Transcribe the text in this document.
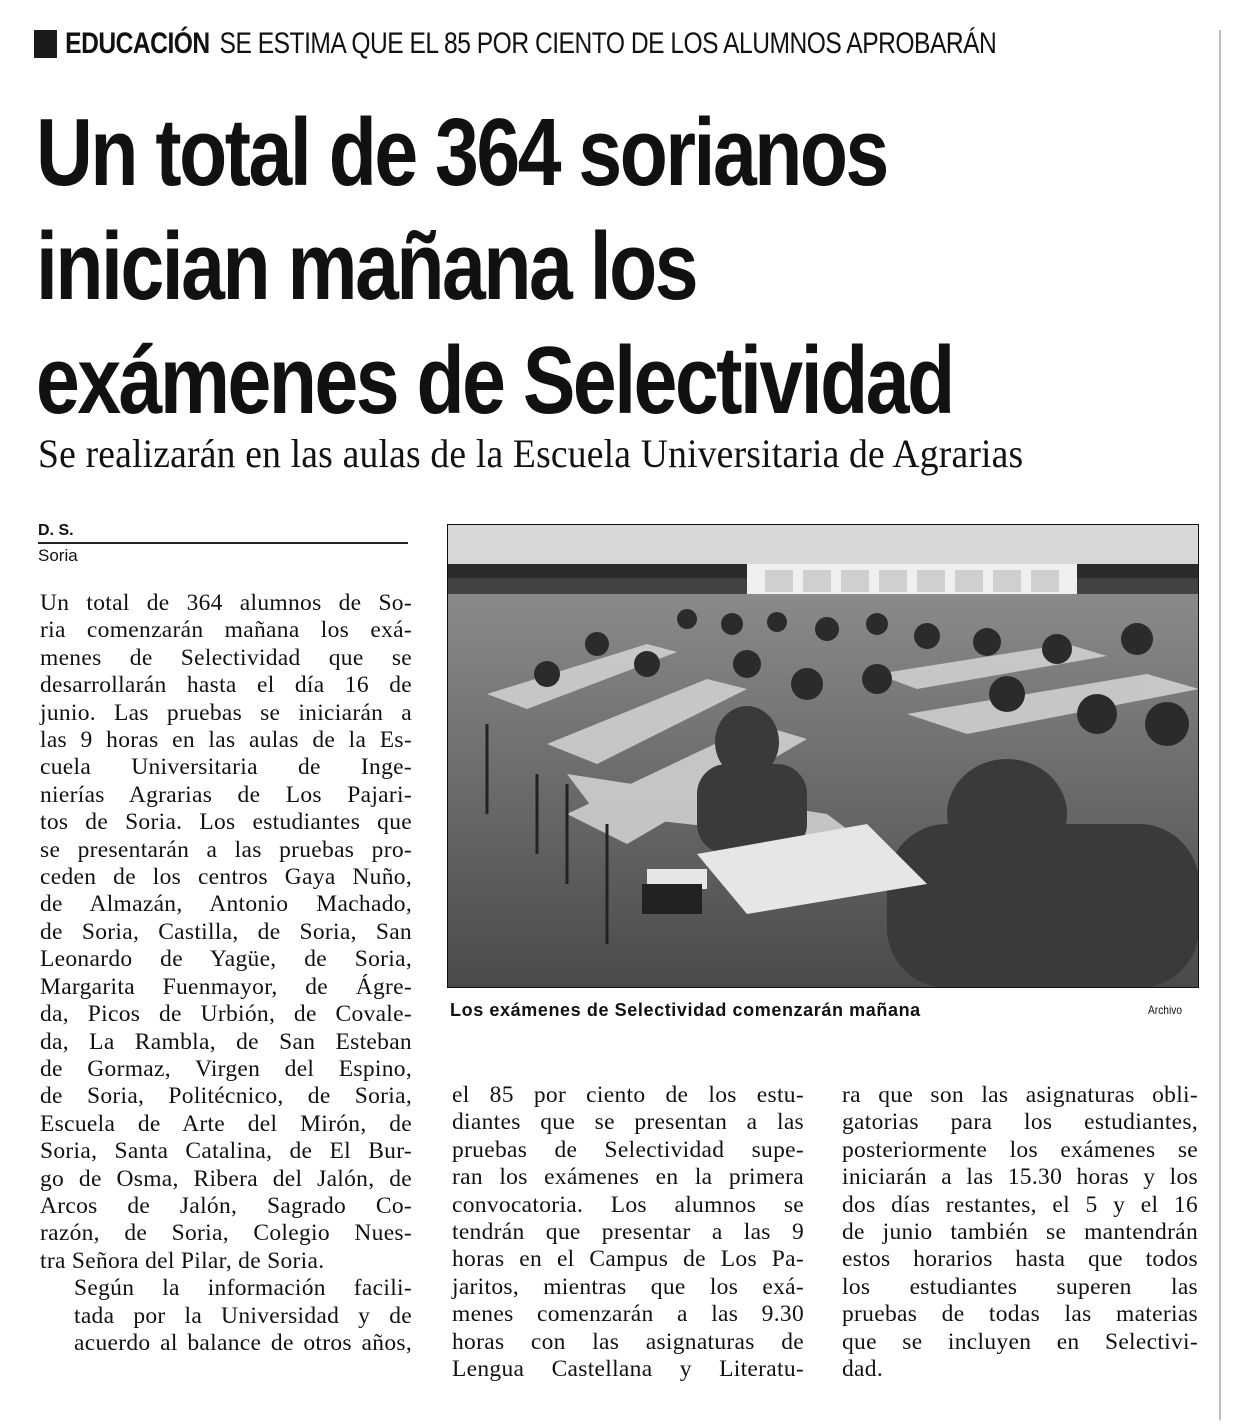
EDUCACIÓN SE ESTIMA QUE EL 85 POR CIENTO DE LOS ALUMNOS APROBARÁN
Un total de 364 sorianos
inician mañana los
exámenes de Selectividad
Se realizarán en las aulas de la Escuela Universitaria de Agrarias
D. S.
Soria

Un total de 364 alumnos de So-
ria comenzarán mañana los exá-
menes de Selectividad que se
desarrollarán hasta el día 16 de
junio. Las pruebas se iniciarán a
las 9 horas en las aulas de la Es-
cuela Universitaria de Inge-
nierías Agrarias de Los Pajari-
tos de Soria. Los estudiantes que
se presentarán a las pruebas pro-
ceden de los centros Gaya Nuño,
de Almazán, Antonio Machado,
de Soria, Castilla, de Soria, San
Leonardo de Yagüe, de Soria,
Margarita Fuenmayor, de Ágre-
da, Picos de Urbión, de Covale-
da, La Rambla, de San Esteban
de Gormaz, Virgen del Espino,
de Soria, Politécnico, de Soria,
Escuela de Arte del Mirón, de
Soria, Santa Catalina, de El Bur-
go de Osma, Ribera del Jalón, de
Arcos de Jalón, Sagrado Co-
razón, de Soria, Colegio Nues-
tra Señora del Pilar, de Soria.

Según la información facili-
tada por la Universidad y de
acuerdo al balance de otros años,

Los exámenes de Selectividad comenzarán mañana	Archivo

el 85 por ciento de los estu-
diantes que se presentan a las
pruebas de Selectividad supe-
ran los exámenes en la primera
convocatoria. Los alumnos se
tendrán que presentar a las 9
horas en el Campus de Los Pa-
jaritos, mientras que los exá-
menes comenzarán a las 9.30
horas con las asignaturas de
Lengua Castellana y Literatu-

ra que son las asignaturas obli-
gatorias para los estudiantes,
posteriormente los exámenes se
iniciarán a las 15.30 horas y los
dos días restantes, el 5 y el 16
de junio también se mantendrán
estos horarios hasta que todos
los estudiantes superen las
pruebas de todas las materias
que se incluyen en Selectivi-
dad.
